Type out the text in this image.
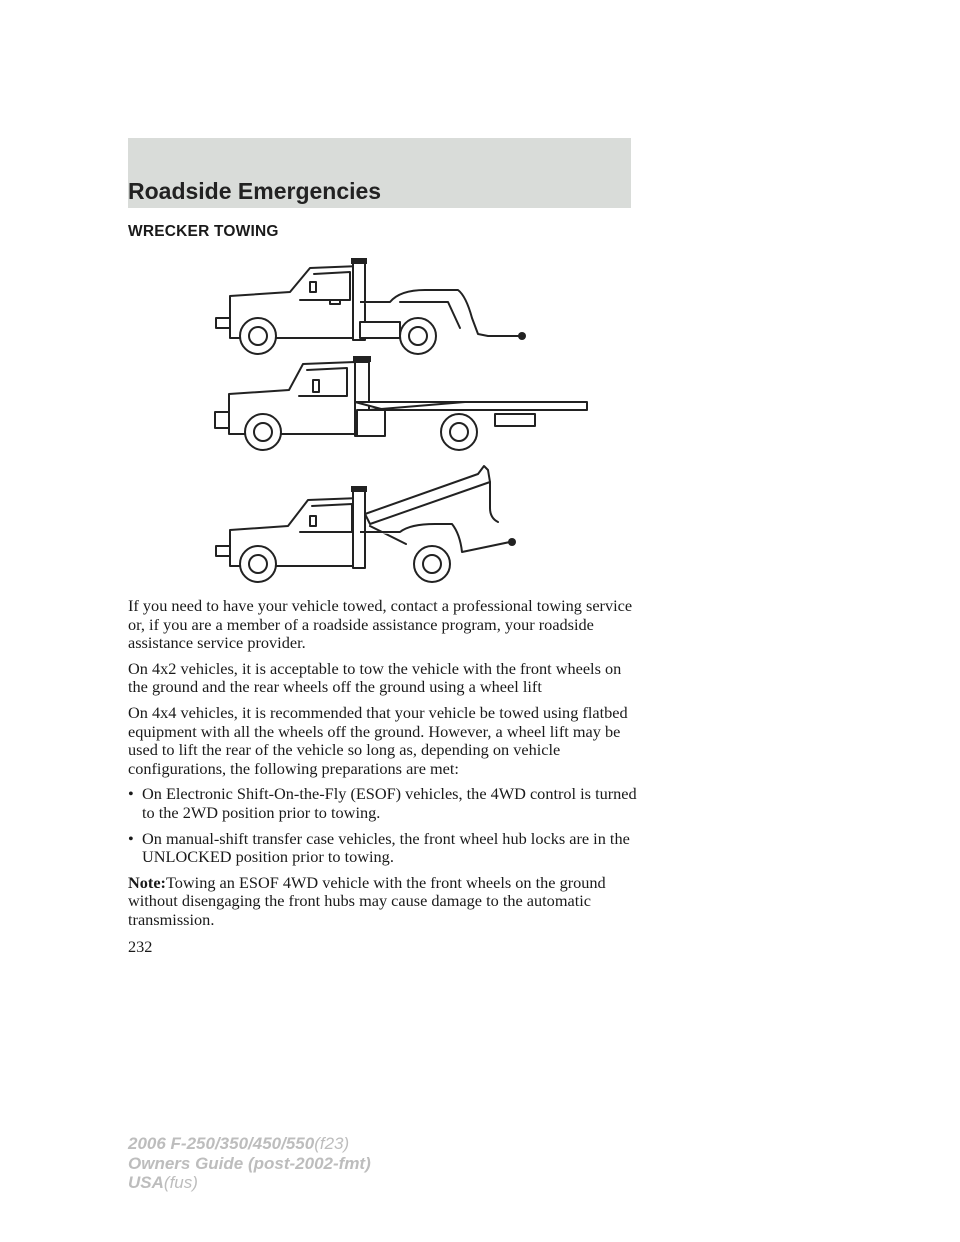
Roadside Emergencies
WRECKER TOWING

If you need to have your vehicle towed, contact a professional towing service or, if you are a member of a roadside assistance program, your roadside assistance service provider.

On 4x2 vehicles, it is acceptable to tow the vehicle with the front wheels on the ground and the rear wheels off the ground using a wheel lift

On 4x4 vehicles, it is recommended that your vehicle be towed using flatbed equipment with all the wheels off the ground. However, a wheel lift may be used to lift the rear of the vehicle so long as, depending on vehicle configurations, the following preparations are met:

• On Electronic Shift-On-the-Fly (ESOF) vehicles, the 4WD control is turned to the 2WD position prior to towing.
• On manual-shift transfer case vehicles, the front wheel hub locks are in the UNLOCKED position prior to towing.

Note:Towing an ESOF 4WD vehicle with the front wheels on the ground without disengaging the front hubs may cause damage to the automatic transmission.

232
2006 F-250/350/450/550(f23)
Owners Guide (post-2002-fmt)
USA(fus)
